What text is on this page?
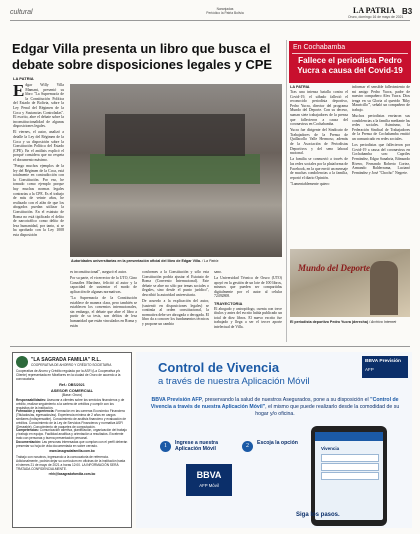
cultural	Naranjadas
Periódico la Patria Bolivia	LA PATRIA B3
Oruro, domingo 16 de mayo de 2021
Edgar Villa presenta un libro que busca el debate sobre disposiciones legales y CPE
LA PATRIA

Edgar Willy Villa Mamani, presentó su libro "La Supremacía de la Constitución Política del Estado de Bolivia, sobre la Ley Penal del Régimen de la Coca y Sustancias Controladas". El escrito, abre el debate sobre la inconstitucionalidad de algunas disposiciones legales.

El viernes, el autor, analizó a detalle la Ley del Régimen de la Coca y su disposición sobre la Constitución Política del Estado (CPE). En el análisis explicó el porqué considera que no respeta el documento máximo.

"Pongo muchos ejemplos de la ley del Régimen de la Coca, está totalmente en contradicción con la Constitución. Por eso, he tomado como ejemplo porque hay muchas normas legales contrarias a la CPE. Es el trabajo de más de veinte años, he realizado con el afán de que los abogados puedan utilizar la Constitución. En el estatuto de Roma no está tipificado el delito de narcotráfico como delito de lesa humanidad, por tanto, si se ha aprobado con la Ley 1008 esta disposición

Autoridades universitarias en la presentación oficial del libro de Edgar Villa. / La Patria

es inconstitucional", aseguró el autor.

Por su parte, el vicerrector de la UTO, Gino González Martínez, felicitó al autor y la capacidad de sustentar el modo de aplicación de algunas normativas.

"La Supremacía de la Constitución establece de manera clara, pero también se establecen los convenios internacionales, sin embargo, el debate que abre el libro a partir de su tesis, son delitos de lesa humanidad que están vinculados en Roma y están

conformes a la Constitución y sólo esta Constitución podría ajustar el Estatuto de Roma (Convenio Internacional). Este debate se abre no sólo por temas sociales o ilegales, sino desde el punto jurídico", describió la autoridad universitaria.

De acuerdo a la explicación del autor, (sustentó en disposiciones legales) se continúa al orden constitucional, la normativa debe ser abrogada o derogada. El libro da a conocer los fundamentos técnicos y propone un cambio

sano.

La Universidad Técnica de Oruro (UTO) apoyó en la gestión de un lote de 100 libros, mismos que pueden ser compartidas digitalmente por el autor al celular 72492808.

TRAYECTORIA

El abogado y antropólogo, cuenta con trece títulos y antes del escrito había publicado un total de diez libros. El nuevo escrito fue trabajado y llega a ser el tercer aporte intelectual de Villa.

En Cochabamba
Fallece el periodista Pedro Yucra a causa del Covid-19
LA PATRIA

Tras una intensa batalla contra el Covid-19, el sábado falleció el reconocido periodista deportivo, Pedro Yucra, director del programa Mundo del Deporte. Con su deceso, suman siete trabajadores de la prensa que fallecieron a causa del coronavirus en Cochabamba.

Yucra fue dirigente del Sindicato de Trabajadores de la Prensa de Quillacollo Valle Hermoso, además de la Asociación de Periodistas Deportivos y del seno laboral nacional.

La familia se conmovió a través de las redes sociales por la plataforma de Facebook, en la que envió un mensaje de muchas condolencias a la familia, reportó el diario Opinión.

"Lamentablemente quiero

informar el sensible fallecimiento de mi amigo Pedro Yucra, padre de nuestro compañero Alex Yucra. Dios tenga en su Gloria al querido 'Riky Mauricillo'", señaló un compañero de trabajo.

Muchos periodistas enviaron sus condolencias a la familia mediante las redes sociales. Asimismo, la Federación Sindical de Trabajadores de la Prensa de Cochabamba emitió un comunicado en redes sociales.

Los periodistas que fallecieron por Covid-19 a causa del coronavirus en Cochabamba son: Capriles Fernández, Edgar Sanabria, Edmundo Rivero, Fernando Roberto Cortez, Armando Balderrama, Lucianó Fernández y José "Chocho" Negrete.

Mundo del Deporte
El periodista deportivo Pedro Yucra (derecha) / Archivo Internet
"LA SAGRADA FAMILIA" R.L.
COOPERATIVA DE AHORRO Y CRÉDITO SOCIETARIA
Cooperativa de Ahorro y Crédito regulada por la ASFI (La Cooperativa y/o Cliente) representada en Miraflores en la ciudad de Oruro de acuerdo a la convocatoria.
Ref.: DBS/2021
ASESOR COMERCIAL
(Base: Oruro)
Responsabilidades: Asesorar a clientes sobre los servicios financieros y de crédito, realizar seguimiento a la cartera de créditos y cumplir con los requisitos de la institución.
Formación y experiencia: Formación en las carreras Económico Financiera (Titulados/as, egresados/as). Experiencia mínima de 2 años en cargos similares (indispensable). Conocimiento de análisis financiero y evaluación de créditos. Conocimiento de la Ley de Servicios Financieros y normativa ASFI (Deseable). Conocimiento de paquetes de computación.
Competencias: Comunicación asertiva, planificación, organización del trabajo y trabajo en equipo. Facilidad analítica y orientación a resultados. Excelente trato con personas y buena presentación personal.
Documentación: Las personas interesadas que cumplan con el perfil deberán presentar su hoja de vida documentada en sobre cerrado.
www.lasagradafamilia.com.bo
Trabajo con nosotros, ingresando a la convocatoria de referencia. Adicionalmente, podrán dejar su currículum en oficinas de la institución hasta el viernes 21 de mayo de 2021 a horas 12:00. LA INFORMACIÓN SERÁ TRATADA CONFIDENCIALMENTE.
rrhh@lasagradafamilia.com.bo
Control de Vivencia
a través de nuestra Aplicación Móvil
BBVA Previsión
AFP
BBVA Previsión AFP, preservando la salud de nuestros Asegurados, pone a su disposición el "Control de Vivencia a través de nuestra Aplicación Móvil", el mismo que puede realizarlo desde la comodidad de su hogar y/o oficina.
1	Ingrese a nuestra Aplicación Móvil	2	Escoja la opción
BBVA
AFP Móvil
Vivencia
Siga los pasos.
